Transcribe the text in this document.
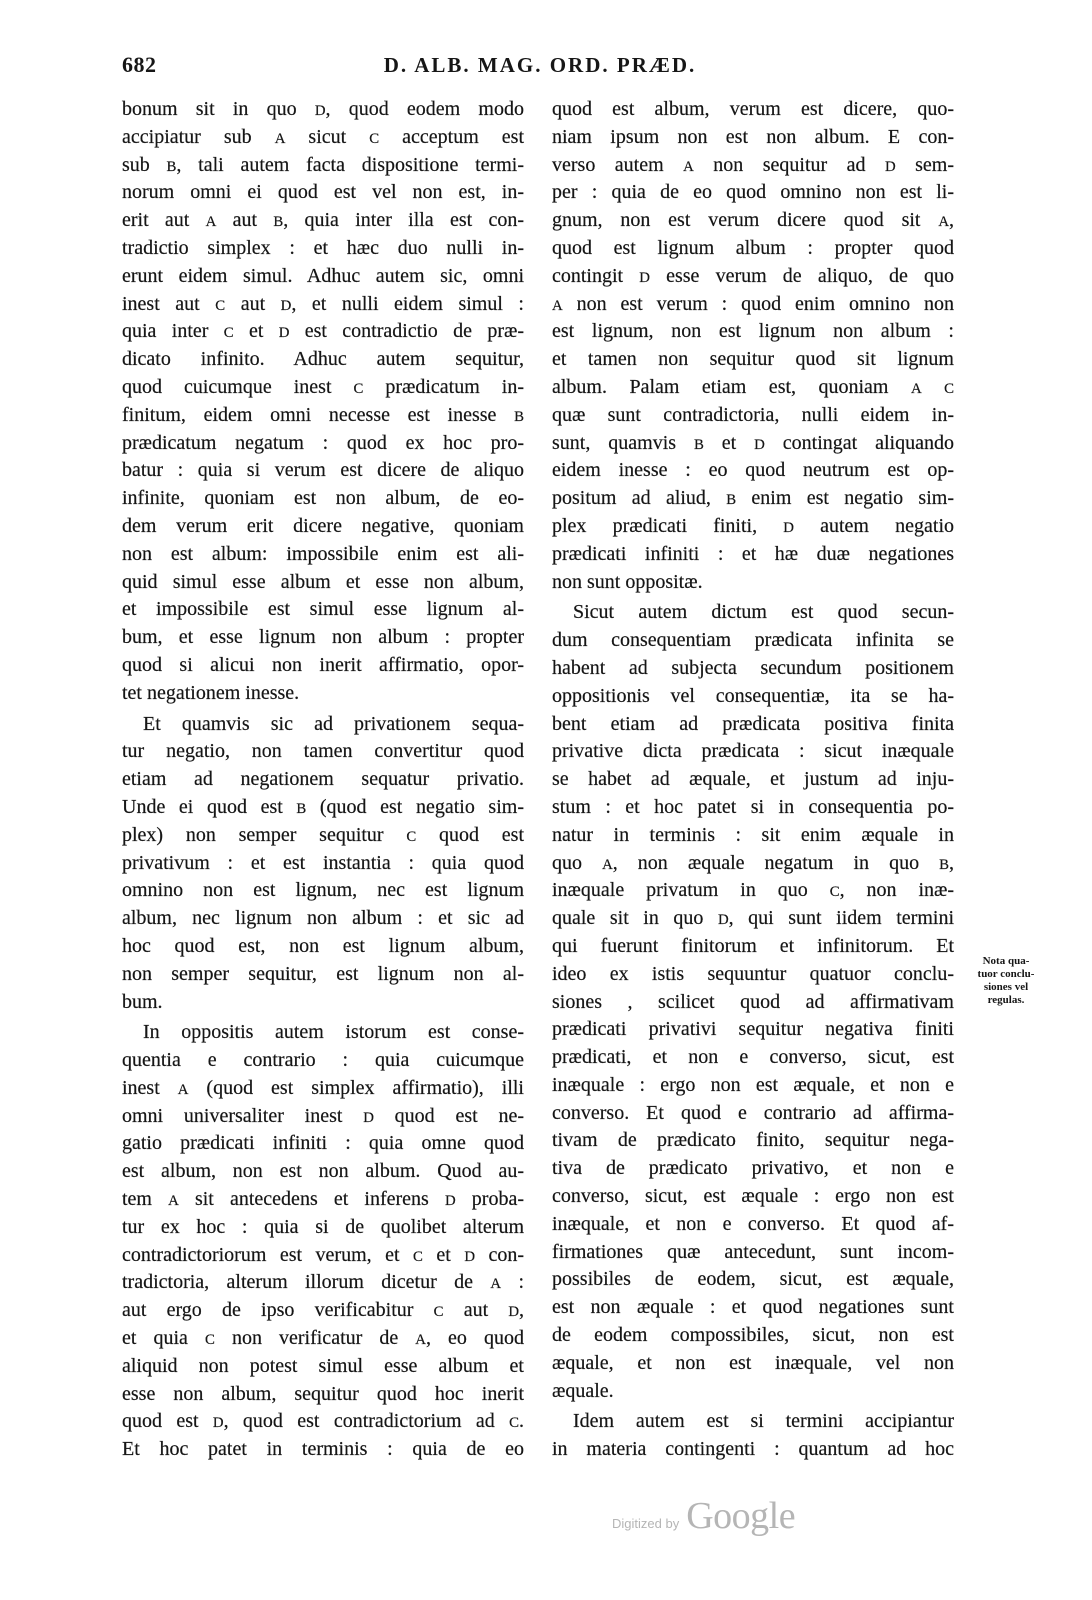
682	D. ALB. MAG. ORD. PRÆD.
bonum sit in quo D, quod eodem modo
accipiatur sub A sicut C acceptum est
sub B, tali autem facta dispositione termi-
norum omni ei quod est vel non est, in-
erit aut A aut B, quia inter illa est con-
tradictio simplex : et hæc duo nulli in-
erunt eidem simul. Adhuc autem sic, omni
inest aut C aut D, et nulli eidem simul :
quia inter C et D est contradictio de præ-
dicato infinito. Adhuc autem sequitur,
quod cuicumque inest C prædicatum in-
finitum, eidem omni necesse est inesse B
prædicatum negatum : quod ex hoc pro-
batur : quia si verum est dicere de aliquo
infinite, quoniam est non album, de eo-
dem verum erit dicere negative, quoniam
non est album: impossibile enim est ali-
quid simul esse album et esse non album,
et impossibile est simul esse lignum al-
bum, et esse lignum non album : propter
quod si alicui non inerit affirmatio, opor-
tet negationem inesse.
Et quamvis sic ad privationem sequa-
tur negatio, non tamen convertitur quod
etiam ad negationem sequatur privatio.
Unde ei quod est B (quod est negatio sim-
plex) non semper sequitur C quod est
privativum : et est instantia : quia quod
omnino non est lignum, nec est lignum
album, nec lignum non album : et sic ad
hoc quod est, non est lignum album,
non semper sequitur, est lignum non al-
bum.
In oppositis autem istorum est conse-
quentia e contrario : quia cuicumque
inest A (quod est simplex affirmatio), illi
omni universaliter inest D quod est ne-
gatio prædicati infiniti : quia omne quod
est album, non est non album. Quod au-
tem A sit antecedens et inferens D proba-
tur ex hoc : quia si de quolibet alterum
contradictoriorum est verum, et C et D con-
tradictoria, alterum illorum dicetur de A :
aut ergo de ipso verificabitur C aut D,
et quia C non verificatur de A, eo quod
aliquid non potest simul esse album et
esse non album, sequitur quod hoc inerit
quod est D, quod est contradictorium ad C.
Et hoc patet in terminis : quia de eo
quod est album, verum est dicere, quo-
niam ipsum non est non album. E con-
verso autem A non sequitur ad D sem-
per : quia de eo quod omnino non est li-
gnum, non est verum dicere quod sit A,
quod est lignum album : propter quod
contingit D esse verum de aliquo, de quo
A non est verum : quod enim omnino non
est lignum, non est lignum non album :
et tamen non sequitur quod sit lignum
album. Palam etiam est, quoniam A C
quæ sunt contradictoria, nulli eidem in-
sunt, quamvis B et D contingat aliquando
eidem inesse : eo quod neutrum est op-
positum ad aliud, B enim est negatio sim-
plex prædicati finiti, D autem negatio
prædicati infiniti : et hæ duæ negationes
non sunt oppositæ.
Sicut autem dictum est quod secun-
dum consequentiam prædicata infinita se
habent ad subjecta secundum positionem
oppositionis vel consequentiæ, ita se ha-
bent etiam ad prædicata positiva finita
privative dicta prædicata : sicut inæquale
se habet ad æquale, et justum ad inju-
stum : et hoc patet si in consequentia po-
natur in terminis : sit enim æquale in
quo A, non æquale negatum in quo B,
inæquale privatum in quo C, non inæ-
quale sit in quo D, qui sunt iidem termini
qui fuerunt finitorum et infinitorum. Et
ideo ex istis sequuntur quatuor conclu-
siones , scilicet quod ad affirmativam
prædicati privativi sequitur negativa finiti
prædicati, et non e converso, sicut, est
inæquale : ergo non est æquale, et non e
converso. Et quod e contrario ad affirma-
tivam de prædicato finito, sequitur nega-
tiva de prædicato privativo, et non e
converso, sicut, est æquale : ergo non est
inæquale, et non e converso. Et quod af-
firmationes quæ antecedunt, sunt incom-
possibiles de eodem, sicut, est æquale,
est non æquale : et quod negationes sunt
de eodem compossibiles, sicut, non est
æquale, et non est inæquale, vel non
æquale.
Idem autem est si termini accipiantur
in materia contingenti : quantum ad hoc
Nota qua-
tuor conclu-
siones vel
regulas.
Digitized by Google
